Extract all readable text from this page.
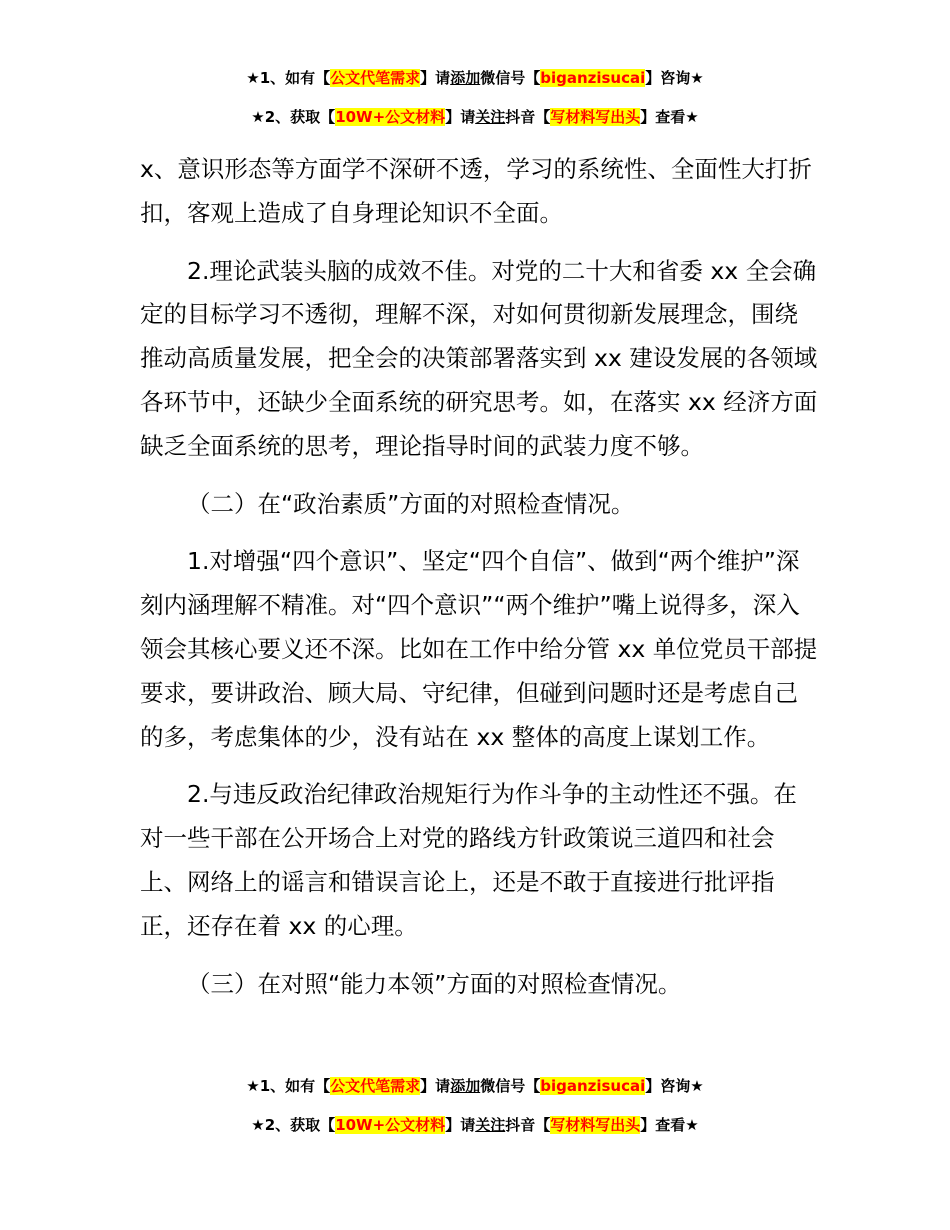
★1、如有【公文代笔需求】请添加微信号【biganzisucai】咨询★
★2、获取【10W+公文材料】请关注抖音【写材料写出头】查看★

x、意识形态等方面学不深研不透，学习的系统性、全面性大打折扣，客观上造成了自身理论知识不全面。

2.理论武装头脑的成效不佳。对党的二十大和省委 xx 全会确定的目标学习不透彻，理解不深，对如何贯彻新发展理念，围绕推动高质量发展，把全会的决策部署落实到 xx 建设发展的各领域各环节中，还缺少全面系统的研究思考。如，在落实 xx 经济方面缺乏全面系统的思考，理论指导时间的武装力度不够。

（二）在“政治素质”方面的对照检查情况。

1.对增强“四个意识”、坚定“四个自信”、做到“两个维护”深刻内涵理解不精准。对“四个意识”“两个维护”嘴上说得多，深入领会其核心要义还不深。比如在工作中给分管 xx 单位党员干部提要求，要讲政治、顾大局、守纪律，但碰到问题时还是考虑自己的多，考虑集体的少，没有站在 xx 整体的高度上谋划工作。

2.与违反政治纪律政治规矩行为作斗争的主动性还不强。在对一些干部在公开场合上对党的路线方针政策说三道四和社会上、网络上的谣言和错误言论上，还是不敢于直接进行批评指正，还存在着 xx 的心理。

（三）在对照“能力本领”方面的对照检查情况。

★1、如有【公文代笔需求】请添加微信号【biganzisucai】咨询★
★2、获取【10W+公文材料】请关注抖音【写材料写出头】查看★
